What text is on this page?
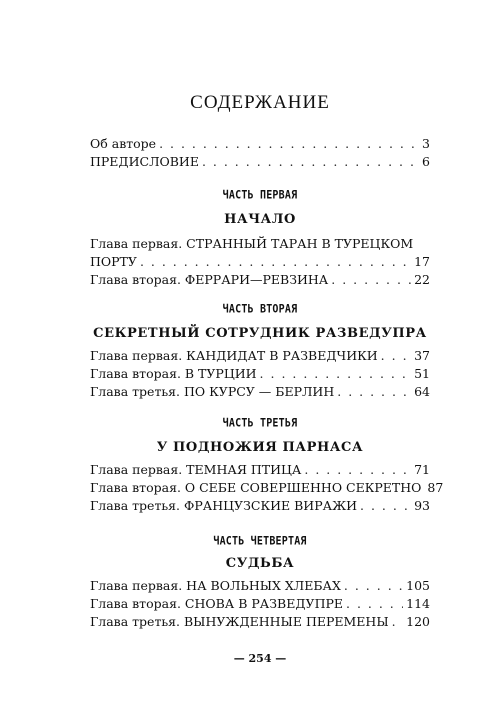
СОДЕРЖАНИЕ
Об авторе . . .	3
ПРЕДИСЛОВИЕ . . .	6
ЧАСТЬ ПЕРВАЯ
НАЧАЛО
Глава первая. СТРАННЫЙ ТАРАН В ТУРЕЦКОМ
ПОРТУ . . .	17
Глава вторая. ФЕРРАРИ—РЕВЗИНА . . .	22
ЧАСТЬ ВТОРАЯ
СЕКРЕТНЫЙ СОТРУДНИК РАЗВЕДУПРА
Глава первая. КАНДИДАТ В РАЗВЕДЧИКИ . . .	37
Глава вторая. В ТУРЦИИ . . .	51
Глава третья. ПО КУРСУ — БЕРЛИН . . .	64
ЧАСТЬ ТРЕТЬЯ
У ПОДНОЖИЯ ПАРНАСА
Глава первая. ТЕМНАЯ ПТИЦА . . .	71
Глава вторая. О СЕБЕ СОВЕРШЕННО СЕКРЕТНО 87
Глава третья. ФРАНЦУЗСКИЕ ВИРАЖИ . . .	93
ЧАСТЬ ЧЕТВЕРТАЯ
СУДЬБА
Глава первая. НА ВОЛЬНЫХ ХЛЕБАХ . . .	105
Глава вторая. СНОВА В РАЗВЕДУПРЕ . . .	114
Глава третья. ВЫНУЖДЕННЫЕ ПЕРЕМЕНЫ . . . 120
— 254 —
